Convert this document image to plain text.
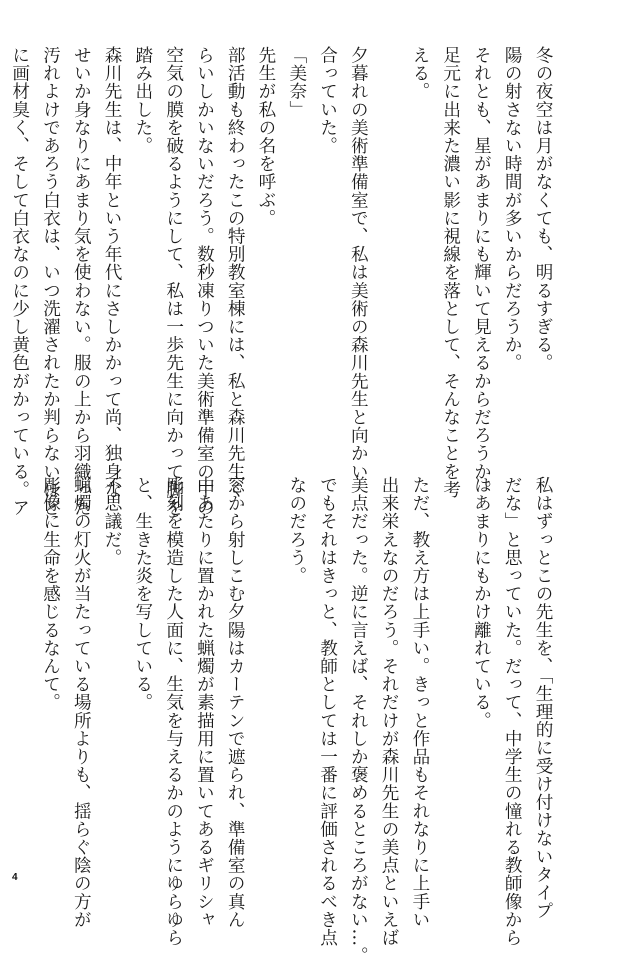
冬の夜空は月がなくても、明るすぎる。
陽の射さない時間が多いからだろうか。
それとも、星があまりにも輝いて見えるからだろうか。
足元に出来た濃い影に視線を落として、そんなことを考
える。

夕暮れの美術準備室で、私は美術の森川先生と向かい
合っていた。
「美奈」
先生が私の名を呼ぶ。
部活動も終わったこの特別教室棟には、私と森川先生く
らいしかいないだろう。数秒凍りついた美術準備室の中の
空気の膜を破るようにして、私は一歩先生に向かって脚を
踏み出した。
森川先生は、中年という年代にさしかかって尚、独身な
せいか身なりにあまり気を使わない。服の上から羽織った
汚れよけであろう白衣は、いつ洗濯されたか判らないほど
に画材臭く、そして白衣なのに少し黄色がかっている。ア
私はずっとこの先生を、「生理的に受け付けないタイプ
だな」と思っていた。だって、中学生の憧れる教師像から
はあまりにもかけ離れている。

ただ、教え方は上手い。きっと作品もそれなりに上手い
出来栄えなのだろう。それだけが森川先生の美点といえば
美点だった。逆に言えば、それしか褒めるところがない…。
でもそれはきっと、教師としては一番に評価されるべき点
なのだろう。

窓から射しこむ夕陽はカーテンで遮られ、準備室の真ん
中あたりに置かれた蝋燭が素描用に置いてあるギリシャ
彫刻を模造した人面に、生気を与えるかのようにゆらゆら
と、生きた炎を写している。
不思議だ。
蝋燭の灯火が当たっている場所よりも、揺らぐ陰の方が
彫像に生命を感じるなんて。

4
